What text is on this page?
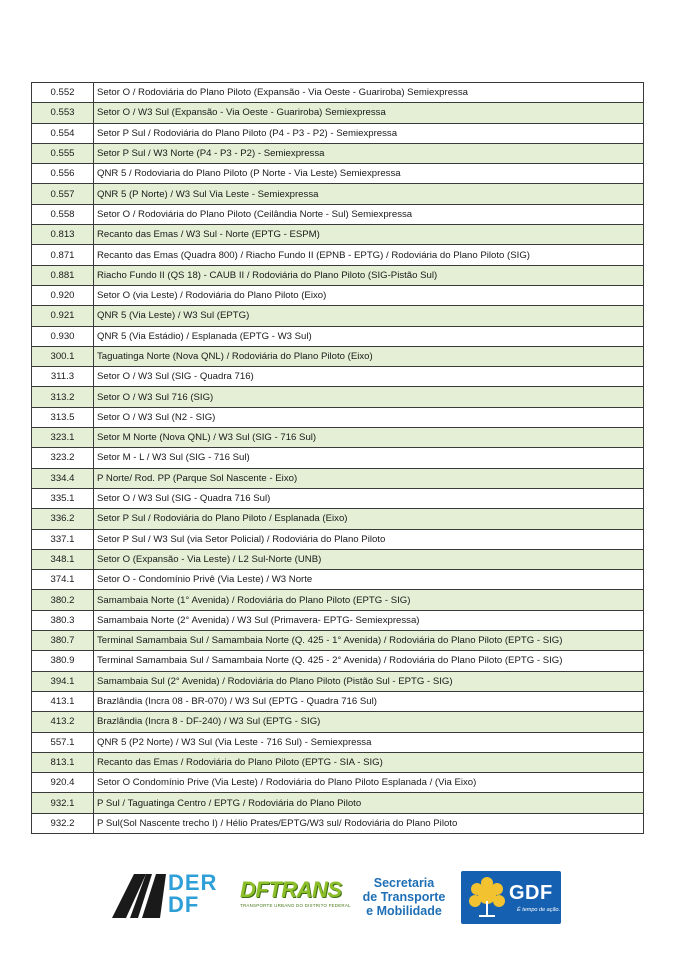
0.552	Setor O / Rodoviária do Plano Piloto (Expansão - Via Oeste - Guariroba) Semiexpressa
0.553	Setor O / W3 Sul (Expansão - Via Oeste - Guariroba) Semiexpressa
0.554	Setor P Sul / Rodoviária do Plano Piloto (P4 - P3 - P2) - Semiexpressa
0.555	Setor P Sul / W3 Norte (P4 - P3 - P2) - Semiexpressa
0.556	QNR 5 / Rodoviaria do Plano Piloto (P Norte - Via Leste) Semiexpressa
0.557	QNR 5 (P Norte) / W3 Sul Via Leste - Semiexpressa
0.558	Setor O / Rodoviária do Plano Piloto (Ceilândia Norte - Sul) Semiexpressa
0.813	Recanto das Emas / W3 Sul - Norte (EPTG - ESPM)
0.871	Recanto das Emas (Quadra 800) / Riacho Fundo II (EPNB - EPTG) / Rodoviária do Plano Piloto (SIG)
0.881	Riacho Fundo II (QS 18) - CAUB II / Rodoviária do Plano Piloto (SIG-Pistão Sul)
0.920	Setor O (via Leste) / Rodoviária do Plano Piloto (Eixo)
0.921	QNR 5 (Via Leste) / W3 Sul (EPTG)
0.930	QNR 5 (Via Estádio) / Esplanada (EPTG - W3 Sul)
300.1	Taguatinga Norte (Nova QNL) / Rodoviária do Plano Piloto (Eixo)
311.3	Setor O / W3 Sul (SIG - Quadra 716)
313.2	Setor O / W3 Sul 716 (SIG)
313.5	Setor O / W3 Sul (N2 - SIG)
323.1	Setor M Norte (Nova QNL) / W3 Sul (SIG - 716 Sul)
323.2	Setor M - L / W3 Sul (SIG - 716 Sul)
334.4	P Norte/ Rod. PP (Parque Sol Nascente - Eixo)
335.1	Setor O / W3 Sul (SIG - Quadra 716 Sul)
336.2	Setor P Sul / Rodoviária do Plano Piloto / Esplanada (Eixo)
337.1	Setor P Sul / W3 Sul (via Setor Policial) / Rodoviária do Plano Piloto
348.1	Setor O (Expansão - Via Leste) / L2 Sul-Norte (UNB)
374.1	Setor O - Condomínio Privê (Via Leste) / W3 Norte
380.2	Samambaia Norte (1° Avenida) / Rodoviária do Plano Piloto (EPTG - SIG)
380.3	Samambaia Norte (2° Avenida) / W3 Sul (Primavera- EPTG- Semiexpressa)
380.7	Terminal Samambaia Sul / Samambaia Norte (Q. 425 - 1° Avenida) / Rodoviária do Plano Piloto (EPTG - SIG)
380.9	Terminal Samambaia Sul / Samambaia Norte (Q. 425 - 2° Avenida) / Rodoviária do Plano Piloto (EPTG - SIG)
394.1	Samambaia Sul (2° Avenida) / Rodoviária do Plano Piloto (Pistão Sul - EPTG - SIG)
413.1	Brazlândia (Incra 08 - BR-070) / W3 Sul (EPTG - Quadra 716 Sul)
413.2	Brazlândia (Incra 8 - DF-240) / W3 Sul (EPTG - SIG)
557.1	QNR 5 (P2 Norte) / W3 Sul (Via Leste - 716 Sul) - Semiexpressa
813.1	Recanto das Emas / Rodoviária do Plano Piloto (EPTG - SIA - SIG)
920.4	Setor O Condomínio Prive (Via Leste) / Rodoviária do Plano Piloto Esplanada / (Via Eixo)
932.1	P Sul / Taguatinga Centro / EPTG / Rodoviária do Plano Piloto
932.2	P Sul(Sol Nascente trecho I) / Hélio Prates/EPTG/W3 sul/ Rodoviária do Plano Piloto
DER
DF
DFTRANS
TRANSPORTE URBANO DO DISTRITO FEDERAL
Secretaria
de Transporte
e Mobilidade
GDF
É tempo de ação.
